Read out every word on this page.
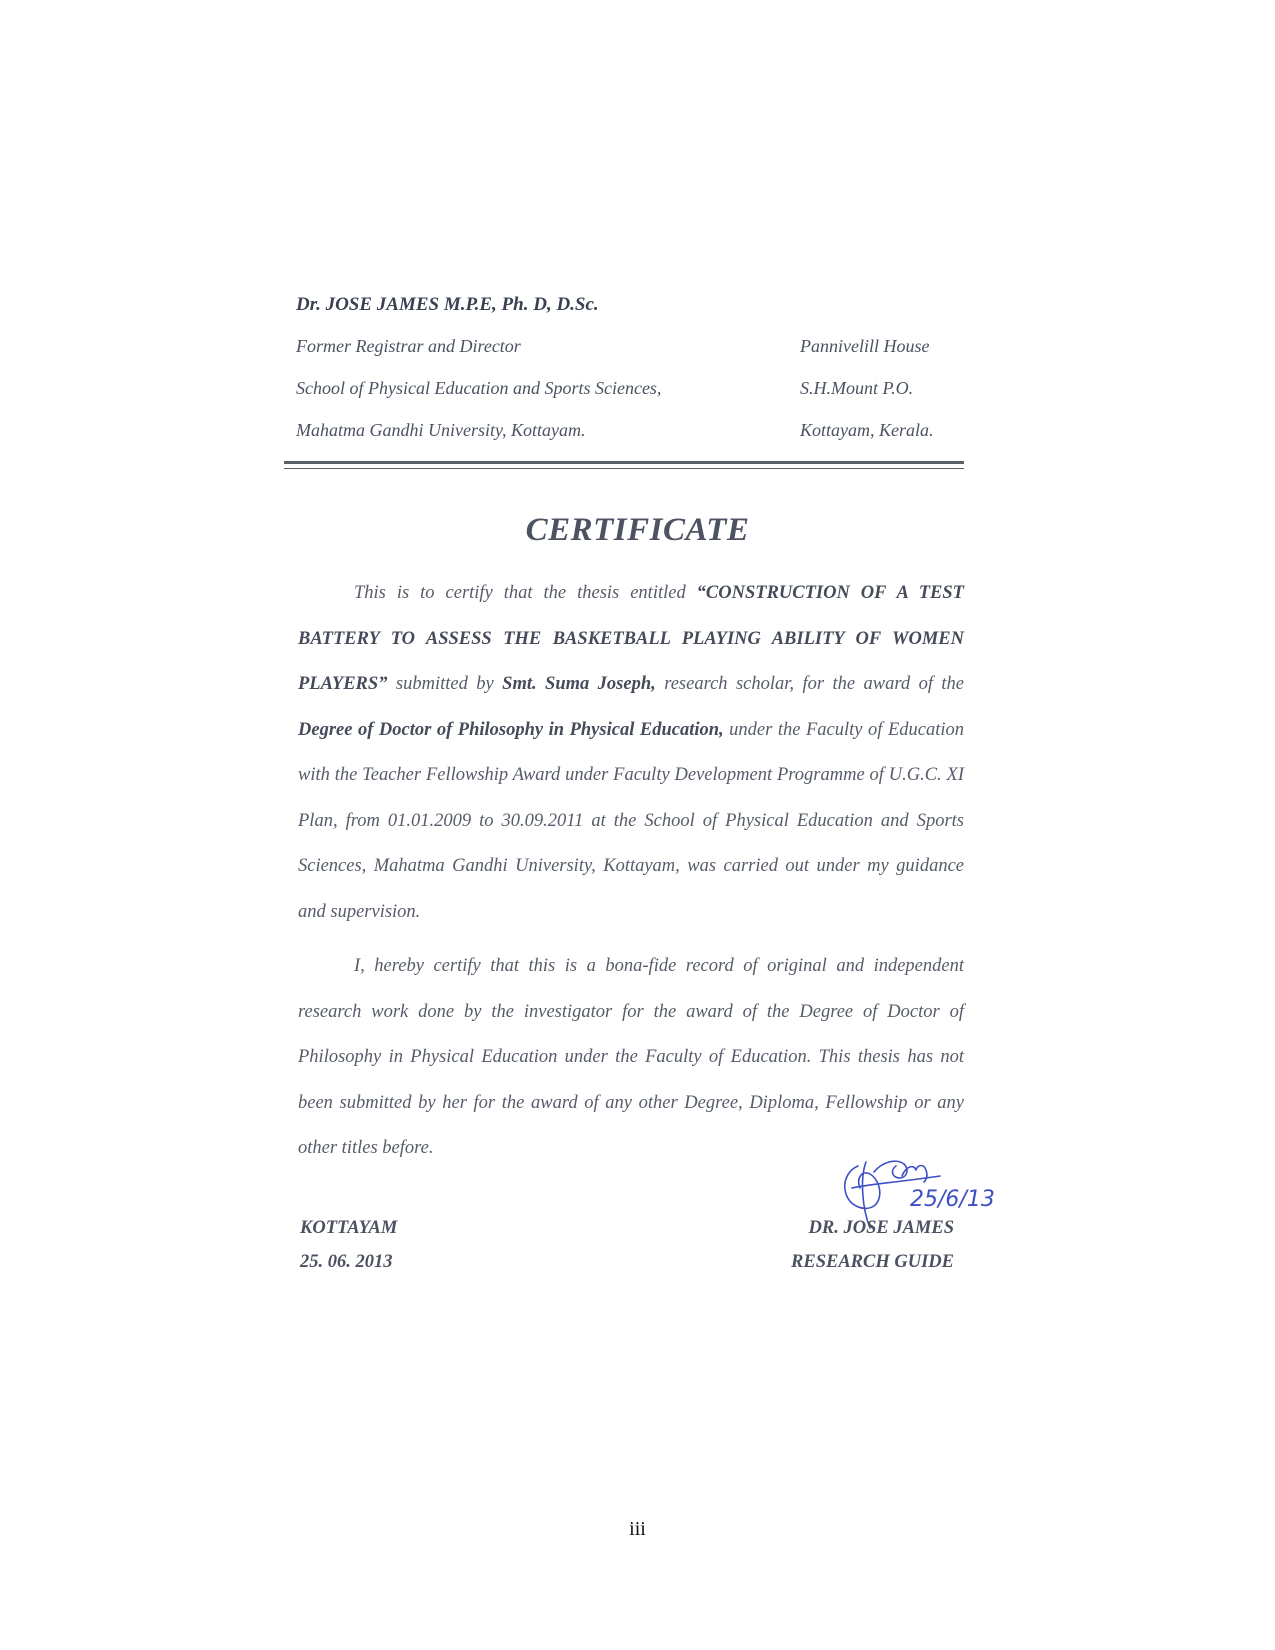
Dr. JOSE JAMES M.P.E, Ph. D, D.Sc.
Former Registrar and Director
School of Physical Education and Sports Sciences,
Mahatma Gandhi University, Kottayam.
Pannivelill House
S.H.Mount P.O.
Kottayam, Kerala.
CERTIFICATE
This is to certify that the thesis entitled “CONSTRUCTION OF A TEST BATTERY TO ASSESS THE BASKETBALL PLAYING ABILITY OF WOMEN PLAYERS” submitted by Smt. Suma Joseph, research scholar, for the award of the Degree of Doctor of Philosophy in Physical Education, under the Faculty of Education with the Teacher Fellowship Award under Faculty Development Programme of U.G.C. XI Plan, from 01.01.2009 to 30.09.2011 at the School of Physical Education and Sports Sciences, Mahatma Gandhi University, Kottayam, was carried out under my guidance and supervision.
I, hereby certify that this is a bona-fide record of original and independent research work done by the investigator for the award of the Degree of Doctor of Philosophy in Physical Education under the Faculty of Education. This thesis has not been submitted by her for the award of any other Degree, Diploma, Fellowship or any other titles before.
KOTTAYAM
25. 06. 2013
25/6/13
DR. JOSE JAMES
RESEARCH GUIDE
iii
